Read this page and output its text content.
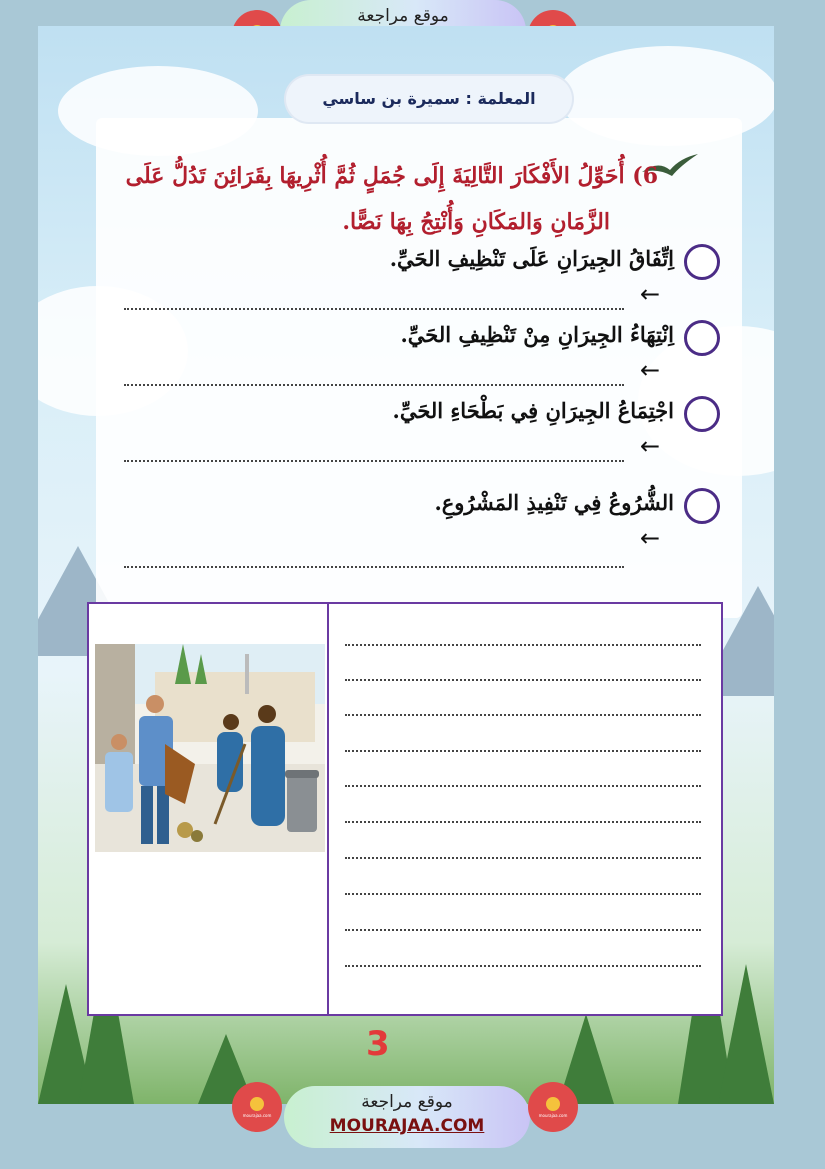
موقع مراجعة
المعلمة : سميرة بن ساسي
6) أُحَوِّلُ الأَفْكَارَ التَّالِيَةَ إِلَى جُمَلٍ ثُمَّ أُثْرِيهَا بِقَرَائِنَ تَدُلُّ عَلَى
الزَّمَانِ وَالمَكَانِ وَأُنْتِجُ بِهَا نَصًّا.
اِتِّفَاقُ الجِيرَانِ عَلَى تَنْظِيفِ الحَيِّ.
←
اِنْتِهَاءُ الجِيرَانِ مِنْ تَنْظِيفِ الحَيِّ.
←
اجْتِمَاعُ الجِيرَانِ فِي بَطْحَاءِ الحَيِّ.
←
الشُّرُوعُ فِي تَنْفِيذِ المَشْرُوعِ.
←
3
mourajaa.com
موقع مراجعة
MOURAJAA.COM
mourajaa.com
